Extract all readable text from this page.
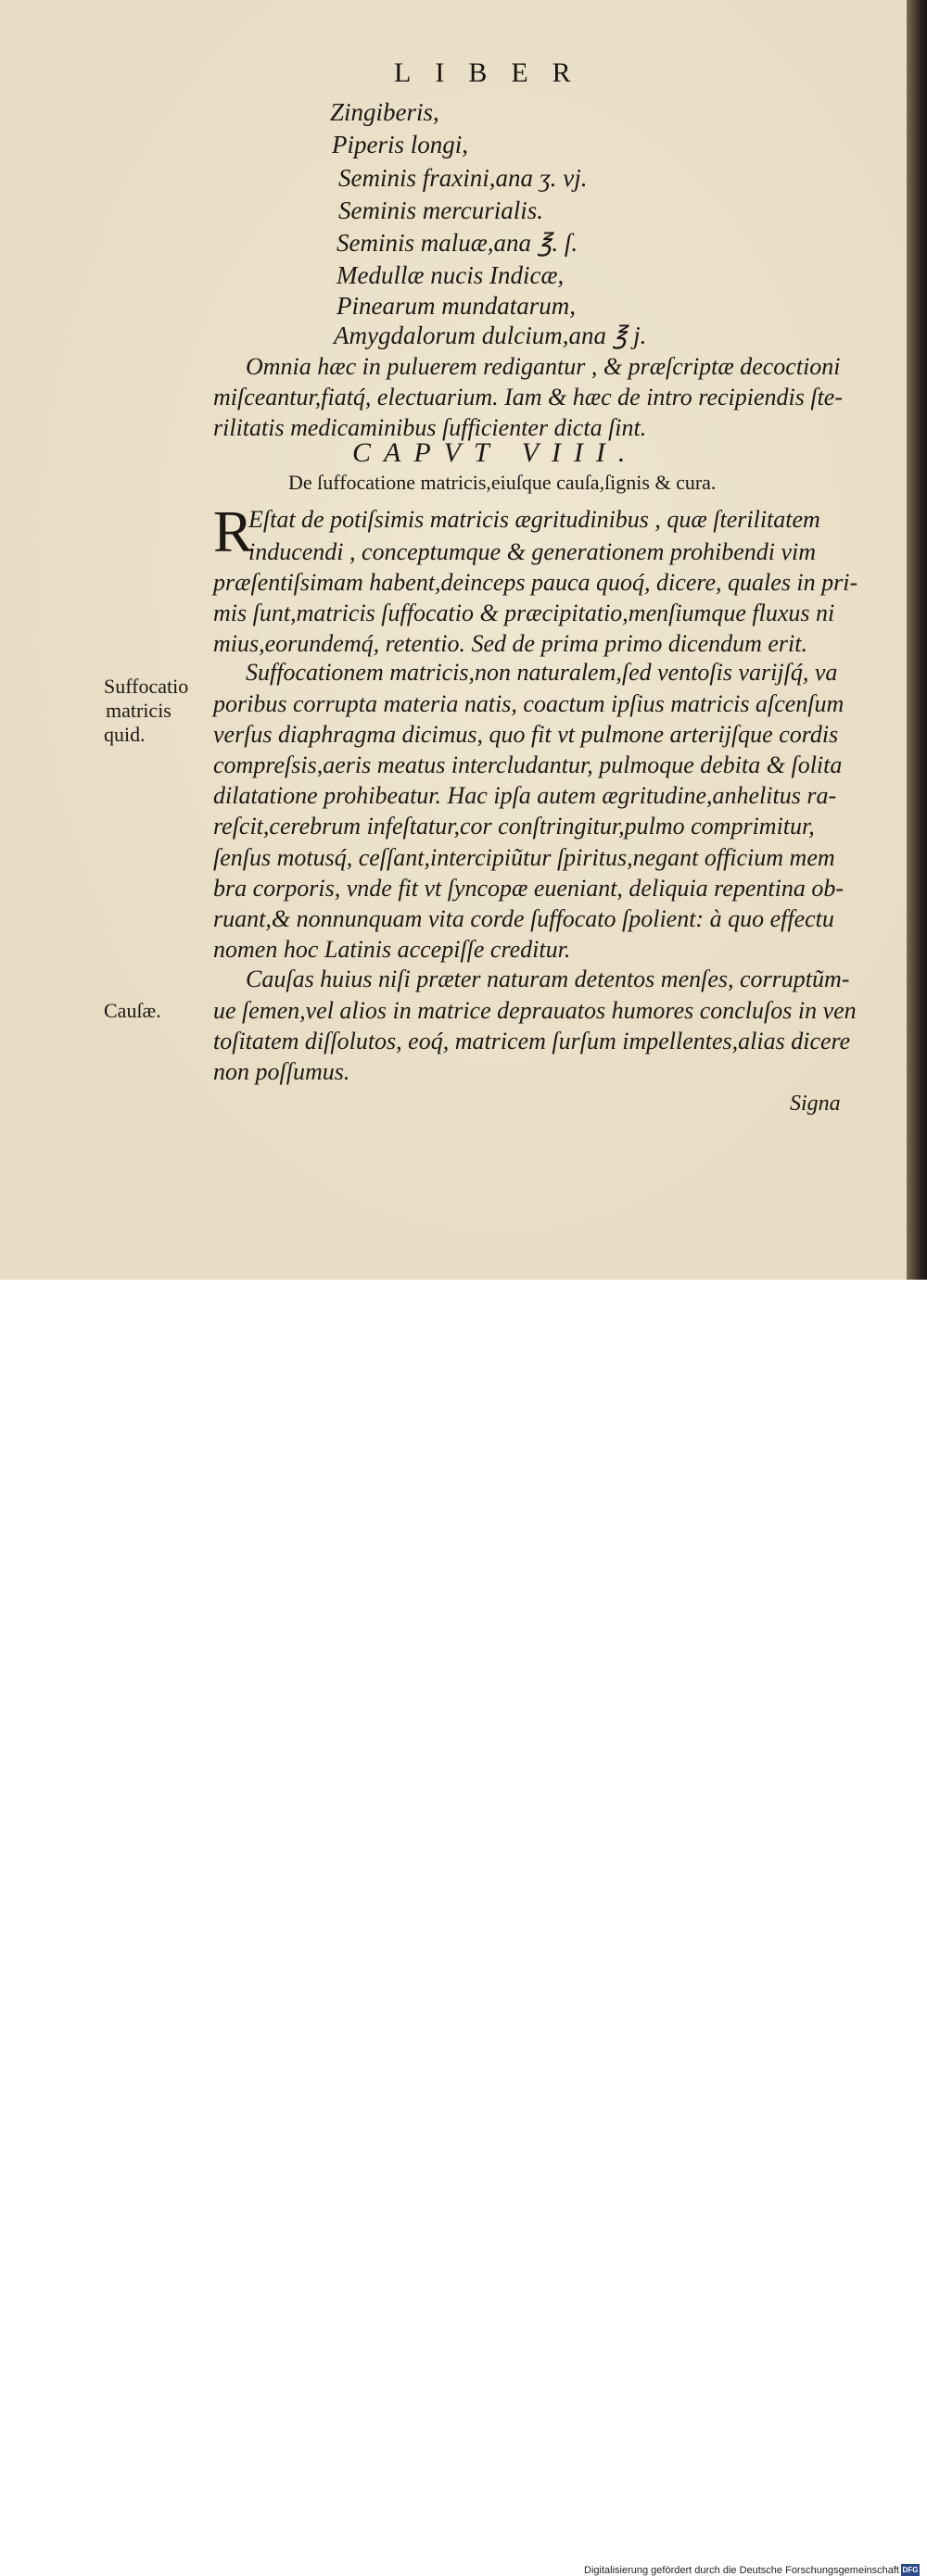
LIBER
Zingiberis,
Piperis longi,
Seminis fraxini,ana ʒ. vj.
Seminis mercurialis.
Seminis maluæ,ana ℥. ſ.
Medullæ nucis Indicæ,
Pinearum mundatarum,
Amygdalorum dulcium,ana ℥ j.
Omnia hæc in puluerem redigantur , & præſcriptæ decoctioni
miſceantur,fiatq́, electuarium. Iam & hæc de intro recipiendis ſte-
rilitatis medicaminibus ſufficienter dicta ſint.
CAPVT VIII.
De ſuffocatione matricis,eiuſque cauſa,ſignis & cura.
R
Eſtat de potiſsimis matricis ægritudinibus , quæ ſterilitatem
inducendi , conceptumque & generationem prohibendi vim
præſentiſsimam habent,deinceps pauca quoq́, dicere, quales in pri-
mis ſunt,matricis ſuffocatio & præcipitatio,menſiumque fluxus ni
mius,eorundemq́, retentio. Sed de prima primo dicendum erit.
Suffocatio
matricis
quid.
Suffocationem matricis,non naturalem,ſed ventoſis varijſq́, va
poribus corrupta materia natis, coactum ipſius matricis aſcenſum
verſus diaphragma dicimus, quo fit vt pulmone arterijſque cordis
compreſsis,aeris meatus intercludantur, pulmoque debita & ſolita
dilatatione prohibeatur. Hac ipſa autem ægritudine,anhelitus ra-
reſcit,cerebrum infeſtatur,cor conſtringitur,pulmo comprimitur,
ſenſus motusq́, ceſſant,intercipiũtur ſpiritus,negant officium mem
bra corporis, vnde fit vt ſyncopæ eueniant, deliquia repentina ob-
ruant,& nonnunquam vita corde ſuffocato ſpolient: à quo effectu
nomen hoc Latinis accepiſſe creditur.
Cauſas huius niſi præter naturam detentos menſes, corruptũm-
ue ſemen,vel alios in matrice deprauatos humores concluſos in ven
toſitatem diſſolutos, eoq́, matricem ſurſum impellentes,alias dicere
non poſſumus.
Cauſæ.
Signa
Digitalisierung gefördert durch die Deutsche Forschungsgemeinschaft DFG
